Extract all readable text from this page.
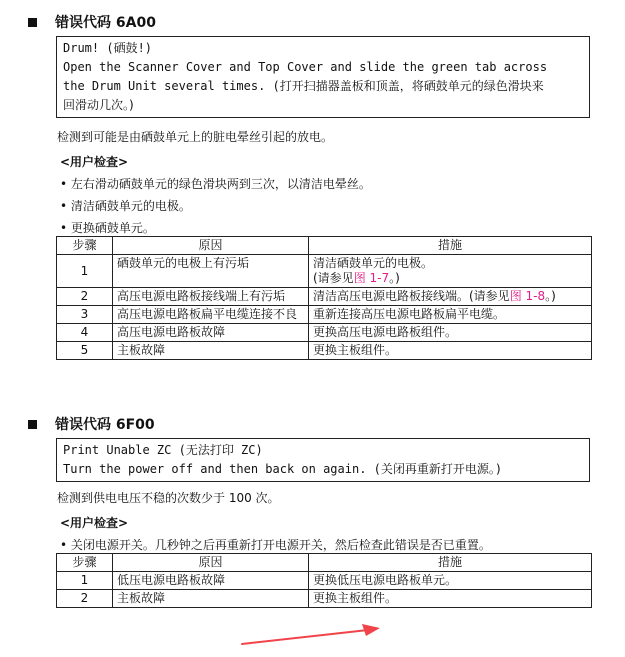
错误代码 6A00
Drum! (硒鼓!)
Open the Scanner Cover and Top Cover and slide the green tab across
the Drum Unit several times. (打开扫描器盖板和顶盖，将硒鼓单元的绿色滑块来
回滑动几次。)
检测到可能是由硒鼓单元上的脏电晕丝引起的放电。
<用户检查>
• 左右滑动硒鼓单元的绿色滑块两到三次，以清洁电晕丝。
• 清洁硒鼓单元的电极。
• 更换硒鼓单元。
步骤	原因	措施
1	硒鼓单元的电极上有污垢	清洁硒鼓单元的电极。
(请参见图 1-7。)

2	高压电源电路板接线端上有污垢	清洁高压电源电路板接线端。(请参见图 1-8。)
3	高压电源电路板扁平电缆连接不良	重新连接高压电源电路板扁平电缆。
4	高压电源电路板故障	更换高压电源电路板组件。
5	主板故障	更换主板组件。
错误代码 6F00
Print Unable ZC (无法打印 ZC)
Turn the power off and then back on again. (关闭再重新打开电源。)
检测到供电电压不稳的次数少于 100 次。
<用户检查>
• 关闭电源开关。几秒钟之后再重新打开电源开关，然后检查此错误是否已重置。
步骤	原因	措施
1	低压电源电路板故障	更换低压电源电路板单元。
2	主板故障	更换主板组件。
